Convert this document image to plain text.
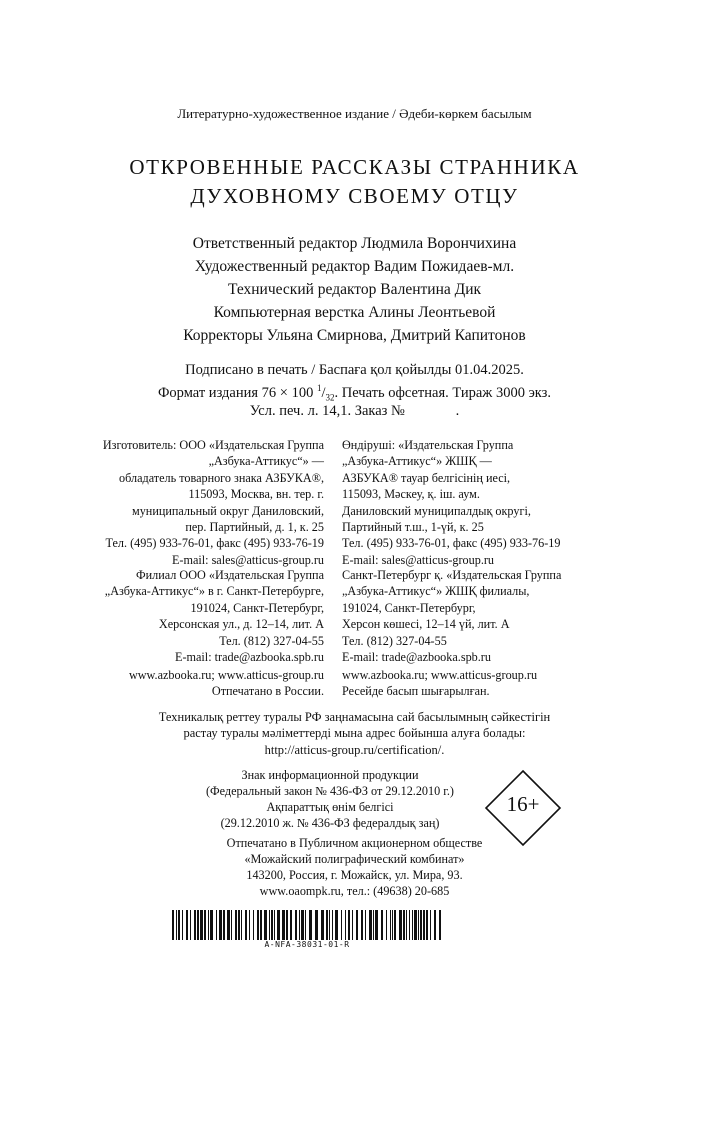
Литературно-художественное издание / Әдеби-көркем басылым
ОТКРОВЕННЫЕ РАССКАЗЫ СТРАННИКА
ДУХОВНОМУ СВОЕМУ ОТЦУ
Ответственный редактор Людмила Ворончихина
Художественный редактор Вадим Пожидаев-мл.
Технический редактор Валентина Дик
Компьютерная верстка Алины Леонтьевой
Корректоры Ульяна Смирнова, Дмитрий Капитонов
Подписано в печать / Басп​аға қол қойылды 01.04.2025.
Формат издания 76 × 100 $^1/_{32}$. Печать офсетная. Тираж 3000 экз.
Усл. печ. л. 14,1. Заказ №              .
Изготовитель: ООО «Издательская Группа
„Азбука-Аттикус“» —
обладатель товарного знака АЗБУКА®,
115093, Москва, вн. тер. г.
муниципальный округ Даниловский,
пер. Партийный, д. 1, к. 25
Тел. (495) 933-76-01, факс (495) 933-76-19
E-mail: sales@atticus-group.ru
Өндіруші: «Издательская Группа
„Азбука-Аттикус“» ЖШҚ —
АЗБУКА® тауар белгісінің иесі,
115093, Мәскеу, қ. іш. аум.
Даниловский муниципалдық округі,
Партийный т.ш., 1-үй, к. 25
Тел. (495) 933-76-01, факс (495) 933-76-19
E-mail: sales@atticus-group.ru
Филиал ООО «Издательская Группа
„Азбука-Аттикус“» в г. Санкт-Петербурге,
191024, Санкт-Петербург,
Херсонская ул., д. 12–14, лит. А
Тел. (812) 327-04-55
E-mail: trade@azbooka.spb.ru
Санкт-Петербург қ. «Издательская Группа
„Азбука-Аттикус“» ЖШҚ филиалы,
191024, Санкт-Петербург,
Херсон көшесі, 12–14 үй, лит. А
Тел. (812) 327-04-55
E-mail: trade@azbooka.spb.ru
www.azbooka.ru; www.atticus-group.ru
Отпечатано в России.
www.azbooka.ru; www.atticus-group.ru
Ресейде басып шығарылған.
Техникалық реттеу туралы РФ заңнамасына сай басылымның сәйкестігін
растау туралы мәліметтерді мына адрес бойынша алуға болады:
http://atticus-group.ru/certification/.
Знак информационной продукции
(Федеральный закон № 436-ФЗ от 29.12.2010 г.)
Ақпараттық өнім белгісі
(29.12.2010 ж. № 436-ФЗ федералдық заң)
16+
Отпечатано в Публичном акционерном обществе
«Можайский полиграфический комбинат»
143200, Россия, г. Можайск, ул. Мира, 93.
www.oaompk.ru, тел.: (49638) 20-685
A-NFA-38031-01-R
